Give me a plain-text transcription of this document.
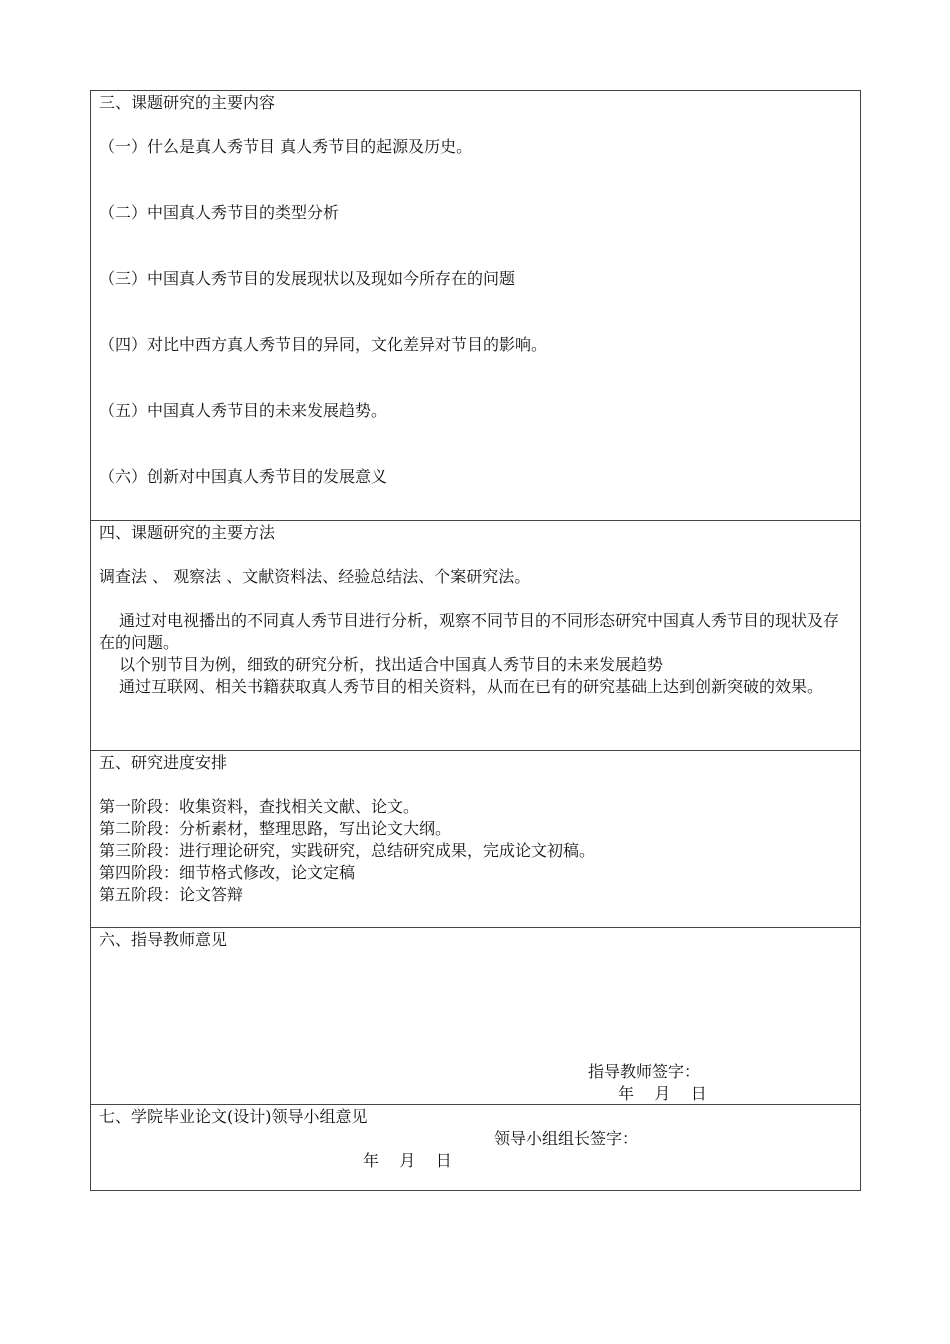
三、课题研究的主要内容
（一）什么是真人秀节目 真人秀节目的起源及历史。
（二）中国真人秀节目的类型分析
（三）中国真人秀节目的发展现状以及现如今所存在的问题
（四）对比中西方真人秀节目的异同，文化差异对节目的影响。
（五）中国真人秀节目的未来发展趋势。
（六）创新对中国真人秀节目的发展意义
四、课题研究的主要方法
调查法 、 观察法 、文献资料法、经验总结法、个案研究法。
通过对电视播出的不同真人秀节目进行分析，观察不同节目的不同形态研究中国真人秀节目的现状及存在的问题。
以个别节目为例，细致的研究分析，找出适合中国真人秀节目的未来发展趋势
通过互联网、相关书籍获取真人秀节目的相关资料，从而在已有的研究基础上达到创新突破的效果。
五、研究进度安排
第一阶段：收集资料，查找相关文献、论文。
第二阶段：分析素材，整理思路，写出论文大纲。
第三阶段：进行理论研究，实践研究，总结研究成果，完成论文初稿。
第四阶段：细节格式修改，论文定稿
第五阶段：论文答辩
六、指导教师意见
指导教师签字：
年    月    日
七、学院毕业论文(设计)领导小组意见
领导小组组长签字：
年    月    日
